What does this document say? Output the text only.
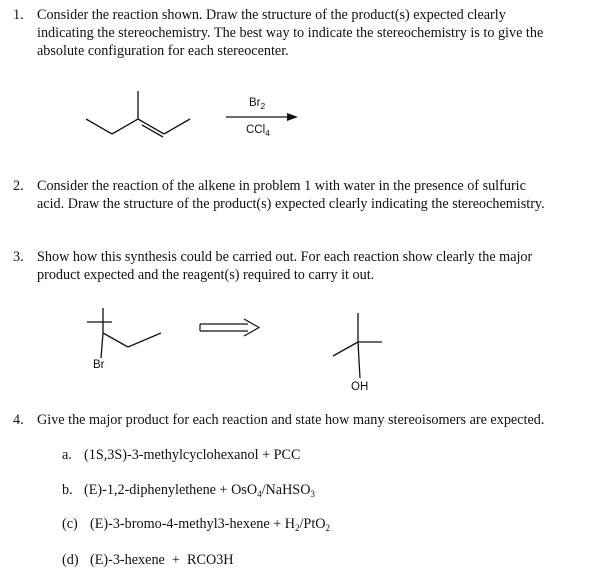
1. Consider the reaction shown. Draw the structure of the product(s) expected clearly
indicating the stereochemistry. The best way to indicate the stereochemistry is to give the
absolute configuration for each stereocenter.
$Br_2$
CCl$_4$
2. Consider the reaction of the alkene in problem 1 with water in the presence of sulfuric
acid. Draw the structure of the product(s) expected clearly indicating the stereochemistry.
3. Show how this synthesis could be carried out. For each reaction show clearly the major
product expected and the reagent(s) required to carry it out.
Br
OH
4. Give the major product for each reaction and state how many stereoisomers are expected.
a. (1S,3S)-3-methylcyclohexanol + PCC
b. (E)-1,2-diphenylethene + OsO$_4$/NaHSO$_3$
(c) (E)-3-bromo-4-methyl3-hexene + $H_2/PtO_2$
(d) (E)-3-hexene  +  RCO3H
